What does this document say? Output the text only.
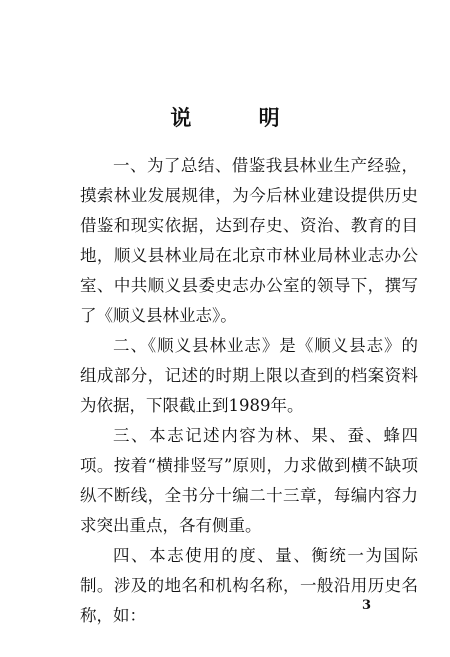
说 明

一、为了总结、借鉴我县林业生产经验，摸索林业发展规律，为今后林业建设提供历史借鉴和现实依据，达到存史、资治、教育的目地，顺义县林业局在北京市林业局林业志办公室、中共顺义县委史志办公室的领导下，撰写了《顺义县林业志》。

二、《顺义县林业志》是《顺义县志》的组成部分，记述的时期上限以查到的档案资料为依据，下限截止到1989年。

三、本志记述内容为林、果、蚕、蜂四项。按着“横排竖写”原则，力求做到横不缺项纵不断线，全书分十编二十三章，每编内容力求突出重点，各有侧重。

四、本志使用的度、量、衡统一为国际制。涉及的地名和机构名称，一般沿用历史名称，如：

3
